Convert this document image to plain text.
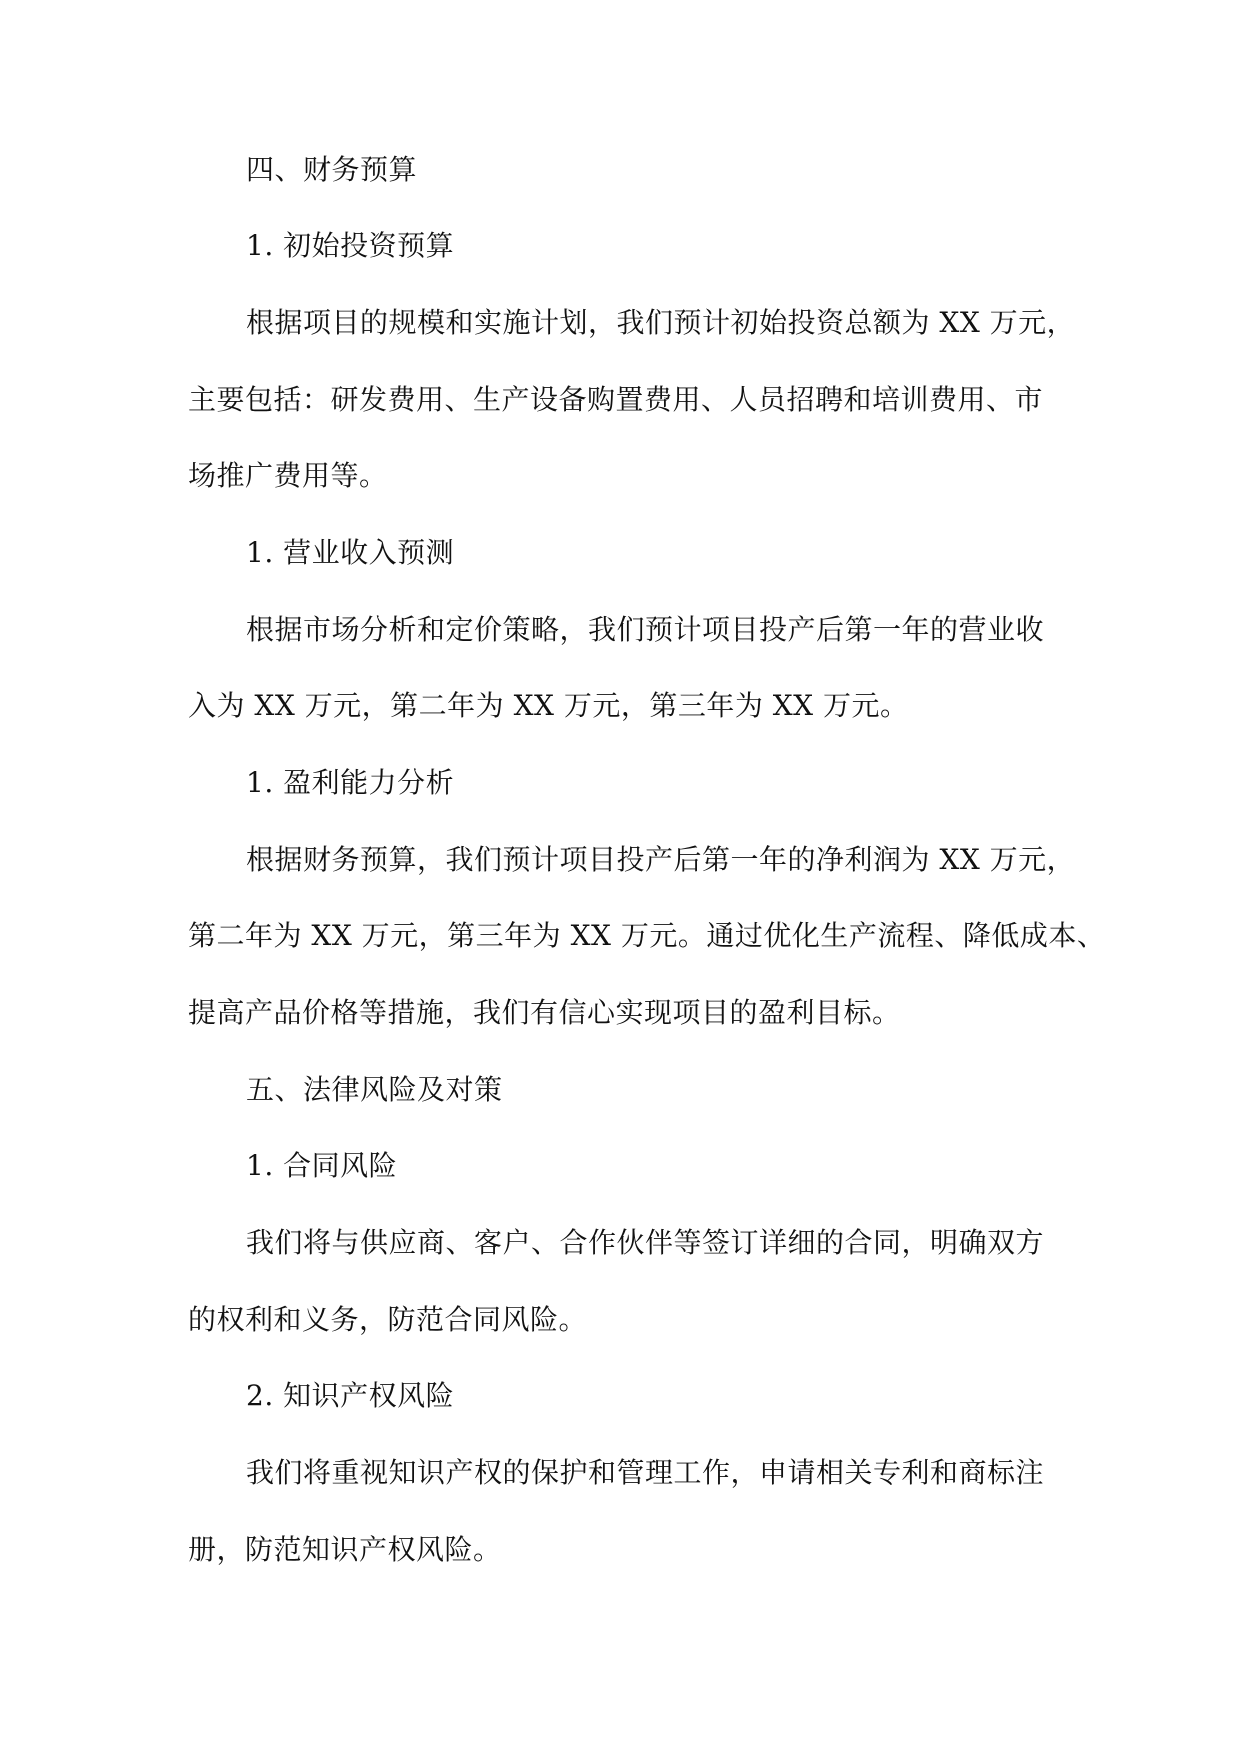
四、财务预算
1. 初始投资预算
根据项目的规模和实施计划，我们预计初始投资总额为 XX 万元，
主要包括：研发费用、生产设备购置费用、人员招聘和培训费用、市
场推广费用等。
1. 营业收入预测
根据市场分析和定价策略，我们预计项目投产后第一年的营业收
入为 XX 万元，第二年为 XX 万元，第三年为 XX 万元。
1. 盈利能力分析
根据财务预算，我们预计项目投产后第一年的净利润为 XX 万元，
第二年为 XX 万元，第三年为 XX 万元。通过优化生产流程、降低成本、
提高产品价格等措施，我们有信心实现项目的盈利目标。
五、法律风险及对策
1. 合同风险
我们将与供应商、客户、合作伙伴等签订详细的合同，明确双方
的权利和义务，防范合同风险。
2. 知识产权风险
我们将重视知识产权的保护和管理工作，申请相关专利和商标注
册，防范知识产权风险。
